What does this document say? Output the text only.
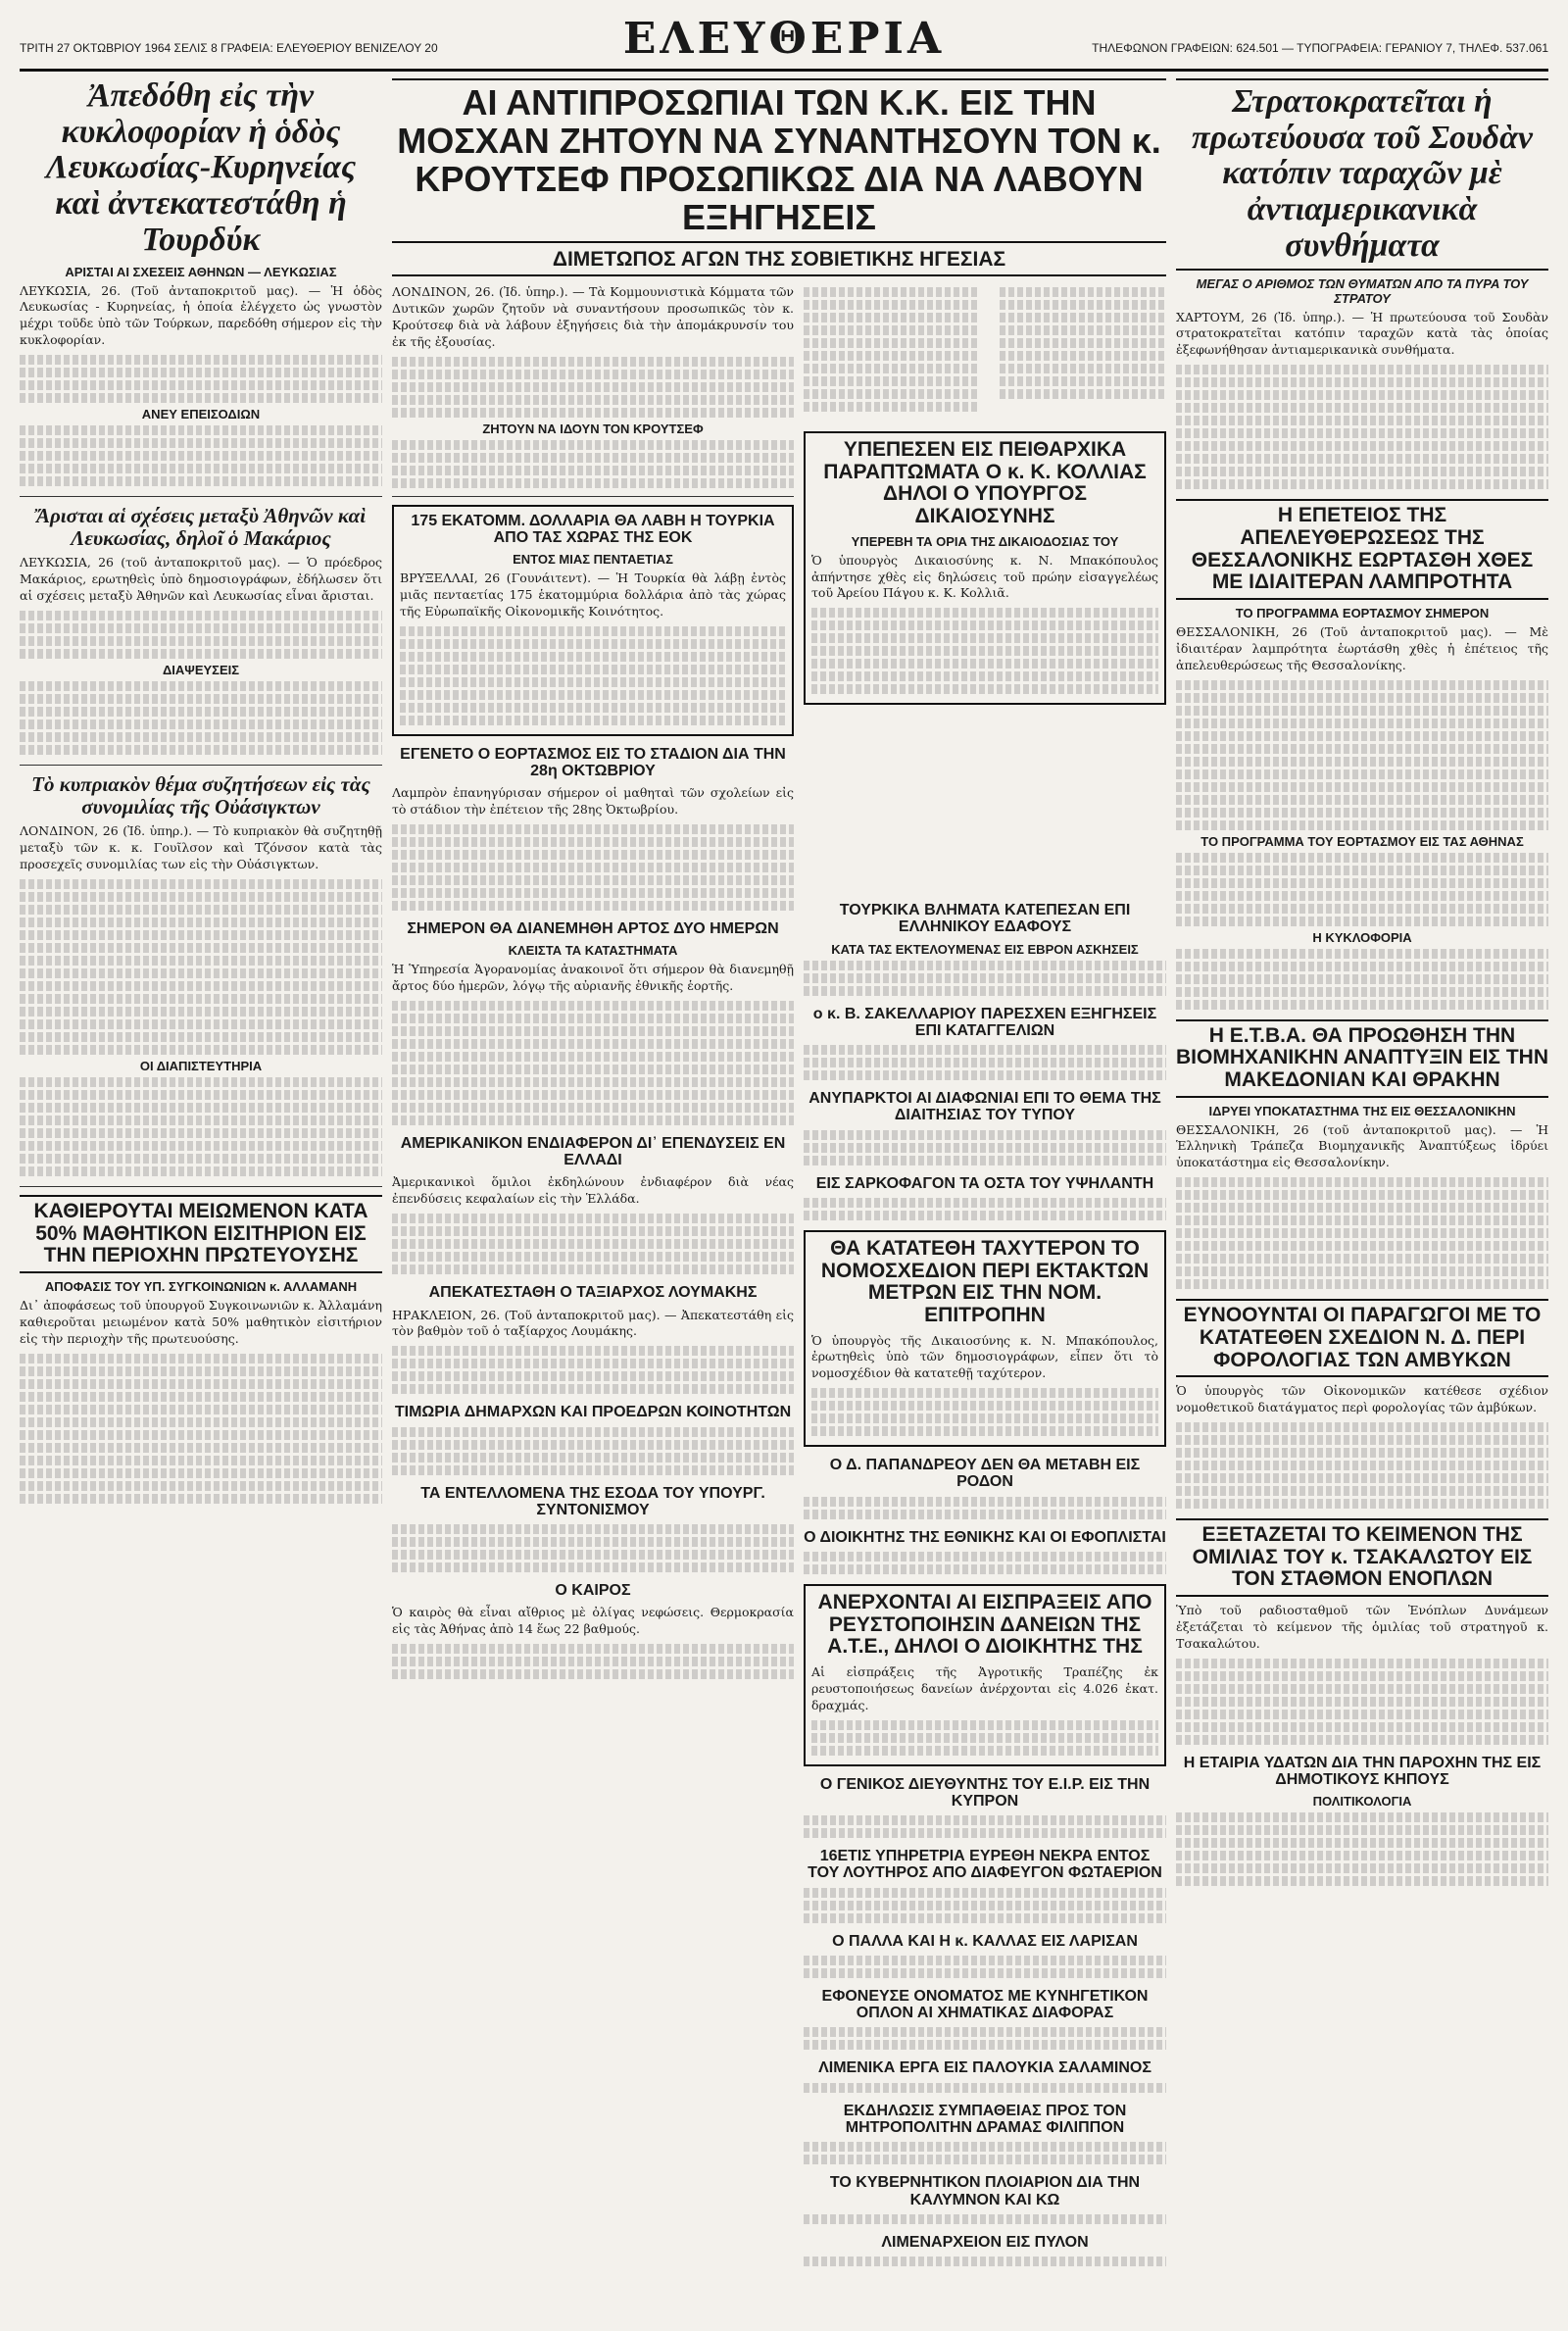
ΤΡΙΤΗ 27 ΟΚΤΩΒΡΙΟΥ 1964 ΣΕΛΙΣ 8 ΓΡΑΦΕΙΑ: ΕΛΕΥΘΕΡΙΟΥ ΒΕΝΙΖΕΛΟΥ 20	ΕΛΕΥΘΕΡΙΑ	ΤΗΛΕΦΩΝΟΝ ΓΡΑΦΕΙΩΝ: 624.501 — ΤΥΠΟΓΡΑΦΕΙΑ: ΓΕΡΑΝΙΟΥ 7, ΤΗΛΕΦ. 537.061
Ἀπεδόθη εἰς τὴν κυκλοφορίαν ἡ ὁδὸς Λευκωσίας-Κυρηνείας καὶ ἀντεκατεστάθη ἡ Τουρδύκ
ΑΡΙΣΤΑΙ ΑΙ ΣΧΕΣΕΙΣ ΑΘΗΝΩΝ — ΛΕΥΚΩΣΙΑΣ

ΛΕΥΚΩΣΙΑ, 26. (Τοῦ ἀνταποκριτοῦ μας). — Ἡ ὁδὸς Λευκωσίας - Κυρηνείας, ἡ ὁποία ἐλέγχετο ὡς γνωστὸν μέχρι τοῦδε ὑπὸ τῶν Τούρκων, παρεδόθη σήμερον εἰς τὴν κυκλοφορίαν.

ΑΝΕΥ ΕΠΕΙΣΟΔΙΩΝ
Ἄρισται αἱ σχέσεις μεταξὺ Ἀθηνῶν καὶ Λευκωσίας, δηλοῖ ὁ Μακάριος

ΛΕΥΚΩΣΙΑ, 26 (τοῦ ἀνταποκριτοῦ μας). — Ὁ πρόεδρος Μακάριος, ερωτηθεὶς ὑπὸ δημοσιογράφων, ἐδήλωσεν ὅτι αἱ σχέσεις μεταξὺ Ἀθηνῶν καὶ Λευκωσίας εἶναι ἄρισται.

ΔΙΑΨΕΥΣΕΙΣ
Τὸ κυπριακὸν θέμα συζητήσεων εἰς τὰς συνομιλίας τῆς Οὐάσιγκτων

ΛΟΝΔΙΝΟΝ, 26 (Ἰδ. ὑπηρ.). — Τὸ κυπριακὸν θὰ συζητηθῇ μεταξὺ τῶν κ. κ. Γουῖλσον καὶ Τζόνσον κατὰ τὰς προσεχεῖς συνομιλίας των εἰς τὴν Οὐάσιγκτων.

ΟΙ ΔΙΑΠΙΣΤΕΥΤΗΡΙΑ
ΚΑΘΙΕΡΟΥΤΑΙ ΜΕΙΩΜΕΝΟΝ ΚΑΤΑ 50% ΜΑΘΗΤΙΚΟΝ ΕΙΣΙΤΗΡΙΟΝ ΕΙΣ ΤΗΝ ΠΕΡΙΟΧΗΝ ΠΡΩΤΕΥΟΥΣΗΣ
ΑΠΟΦΑΣΙΣ ΤΟΥ ΥΠ. ΣΥΓΚΟΙΝΩΝΙΩΝ κ. ΑΛΛΑΜΑΝΗ

Δι᾽ ἀποφάσεως τοῦ ὑπουργοῦ Συγκοινωνιῶν κ. Ἀλλαμάνη καθιεροῦται μειωμένον κατὰ 50% μαθητικὸν εἰσιτήριον εἰς τὴν περιοχὴν τῆς πρωτευούσης.

ΑΙ ΑΝΤΙΠΡΟΣΩΠΙΑΙ ΤΩΝ Κ.Κ. ΕΙΣ ΤΗΝ ΜΟΣΧΑΝ ΖΗΤΟΥΝ ΝΑ ΣΥΝΑΝΤΗΣΟΥΝ ΤΟΝ κ. ΚΡΟΥΤΣΕΦ ΠΡΟΣΩΠΙΚΩΣ ΔΙΑ ΝΑ ΛΑΒΟΥΝ ΕΞΗΓΗΣΕΙΣ
ΔΙΜΕΤΩΠΟΣ ΑΓΩΝ ΤΗΣ ΣΟΒΙΕΤΙΚΗΣ ΗΓΕΣΙΑΣ

ΛΟΝΔΙΝΟΝ, 26. (Ἰδ. ὑπηρ.). — Τὰ Κομμουνιστικὰ Κόμματα τῶν Δυτικῶν χωρῶν ζητοῦν νὰ συναντήσουν προσωπικῶς τὸν κ. Κρούτσεφ διὰ νὰ λάβουν ἐξηγήσεις διὰ τὴν ἀπομάκρυνσίν του ἐκ τῆς ἐξουσίας.

ΖΗΤΟΥΝ ΝΑ ΙΔΟΥΝ ΤΟΝ ΚΡΟΥΤΣΕΦ
175 ΕΚΑΤΟΜΜ. ΔΟΛΛΑΡΙΑ ΘΑ ΛΑΒΗ Η ΤΟΥΡΚΙΑ ΑΠΟ ΤΑΣ ΧΩΡΑΣ ΤΗΣ ΕΟΚ
ΕΝΤΟΣ ΜΙΑΣ ΠΕΝΤΑΕΤΙΑΣ

ΒΡΥΞΕΛΛΑΙ, 26 (Γουνάιτεντ). — Ἡ Τουρκία θὰ λάβῃ ἐντὸς μιᾶς πενταετίας 175 ἑκατομμύρια δολλάρια ἀπὸ τὰς χώρας τῆς Εὐρωπαϊκῆς Οἰκονομικῆς Κοινότητος.

ΕΓΕΝΕΤΟ Ο ΕΟΡΤΑΣΜΟΣ ΕΙΣ ΤΟ ΣΤΑΔΙΟΝ ΔΙΑ ΤΗΝ 28η ΟΚΤΩΒΡΙΟΥ

Λαμπρὸν ἐπανηγύρισαν σήμερον οἱ μαθηταὶ τῶν σχολείων εἰς τὸ στάδιον τὴν ἐπέτειον τῆς 28ης Ὀκτωβρίου.

ΣΗΜΕΡΟΝ ΘΑ ΔΙΑΝΕΜΗΘΗ ΑΡΤΟΣ ΔΥΟ ΗΜΕΡΩΝ
ΚΛΕΙΣΤΑ ΤΑ ΚΑΤΑΣΤΗΜΑΤΑ

Ἡ Ὑπηρεσία Ἀγορανομίας ἀνακοινοῖ ὅτι σήμερον θὰ διανεμηθῇ ἄρτος δύο ἡμερῶν, λόγῳ τῆς αὐριανῆς ἐθνικῆς ἑορτῆς.

ΑΜΕΡΙΚΑΝΙΚΟΝ ΕΝΔΙΑΦΕΡΟΝ ΔΙ᾽ ΕΠΕΝΔΥΣΕΙΣ ΕΝ ΕΛΛΑΔΙ

Ἀμερικανικοὶ ὅμιλοι ἐκδηλώνουν ἐνδιαφέρον διὰ νέας ἐπενδύσεις κεφαλαίων εἰς τὴν Ἑλλάδα.

ΑΠΕΚΑΤΕΣΤΑΘΗ Ο ΤΑΞΙΑΡΧΟΣ ΛΟΥΜΑΚΗΣ

ΗΡΑΚΛΕΙΟΝ, 26. (Τοῦ ἀνταποκριτοῦ μας). — Ἀπεκατεστάθη εἰς τὸν βαθμὸν τοῦ ὁ ταξίαρχος Λουμάκης.

ΤΙΜΩΡΙΑ ΔΗΜΑΡΧΩΝ ΚΑΙ ΠΡΟΕΔΡΩΝ ΚΟΙΝΟΤΗΤΩΝ
ΤΑ ΕΝΤΕΛΛΟΜΕΝΑ ΤΗΣ ΕΣΟΔΑ ΤΟΥ ΥΠΟΥΡΓ. ΣΥΝΤΟΝΙΣΜΟΥ
Ο ΚΑΙΡΟΣ

Ὁ καιρὸς θὰ εἶναι αἴθριος μὲ ὀλίγας νεφώσεις. Θερμοκρασία εἰς τὰς Ἀθήνας ἀπὸ 14 ἕως 22 βαθμούς.

ΥΠΕΠΕΣΕΝ ΕΙΣ ΠΕΙΘΑΡΧΙΚΑ ΠΑΡΑΠΤΩΜΑΤΑ Ο κ. Κ. ΚΟΛΛΙΑΣ ΔΗΛΟΙ Ο ΥΠΟΥΡΓΟΣ ΔΙΚΑΙΟΣΥΝΗΣ
ΥΠΕΡΕΒΗ ΤΑ ΟΡΙΑ ΤΗΣ ΔΙΚΑΙΟΔΟΣΙΑΣ ΤΟΥ

Ὁ ὑπουργὸς Δικαιοσύνης κ. Ν. Μπακόπουλος ἀπήντησε χθὲς εἰς δηλώσεις τοῦ πρώην εἰσαγγελέως τοῦ Ἀρείου Πάγου κ. Κ. Κολλιᾶ.

ΤΟΥΡΚΙΚΑ ΒΛΗΜΑΤΑ ΚΑΤΕΠΕΣΑΝ ΕΠΙ ΕΛΛΗΝΙΚΟΥ ΕΔΑΦΟΥΣ
ΚΑΤΑ ΤΑΣ ΕΚΤΕΛΟΥΜΕΝΑΣ ΕΙΣ ΕΒΡΟΝ ΑΣΚΗΣΕΙΣ
ο κ. Β. ΣΑΚΕΛΛΑΡΙΟΥ ΠΑΡΕΣΧΕΝ ΕΞΗΓΗΣΕΙΣ ΕΠΙ ΚΑΤΑΓΓΕΛΙΩΝ
ΑΝΥΠΑΡΚΤΟΙ ΑΙ ΔΙΑΦΩΝΙΑΙ ΕΠΙ ΤΟ ΘΕΜΑ ΤΗΣ ΔΙΑΙΤΗΣΙΑΣ ΤΟΥ ΤΥΠΟΥ
ΕΙΣ ΣΑΡΚΟΦΑΓΟΝ ΤΑ ΟΣΤΑ ΤΟΥ ΥΨΗΛΑΝΤΗ
ΘΑ ΚΑΤΑΤΕΘΗ ΤΑΧΥΤΕΡΟΝ ΤΟ ΝΟΜΟΣΧΕΔΙΟΝ ΠΕΡΙ ΕΚΤΑΚΤΩΝ ΜΕΤΡΩΝ ΕΙΣ ΤΗΝ ΝΟΜ. ΕΠΙΤΡΟΠΗΝ

Ὁ ὑπουργὸς τῆς Δικαιοσύνης κ. Ν. Μπακόπουλος, ἐρωτηθεὶς ὑπὸ τῶν δημοσιογράφων, εἶπεν ὅτι τὸ νομοσχέδιον θὰ κατατεθῇ ταχύτερον.

Ο Δ. ΠΑΠΑΝΔΡΕΟΥ ΔΕΝ ΘΑ ΜΕΤΑΒΗ ΕΙΣ ΡΟΔΟΝ
Ο ΔΙΟΙΚΗΤΗΣ ΤΗΣ ΕΘΝΙΚΗΣ ΚΑΙ ΟΙ ΕΦΟΠΛΙΣΤΑΙ
ΑΝΕΡΧΟΝΤΑΙ ΑΙ ΕΙΣΠΡΑΞΕΙΣ ΑΠΟ ΡΕΥΣΤΟΠΟΙΗΣΙΝ ΔΑΝΕΙΩΝ ΤΗΣ Α.Τ.Ε., ΔΗΛΟΙ Ο ΔΙΟΙΚΗΤΗΣ ΤΗΣ

Αἱ εἰσπράξεις τῆς Ἀγροτικῆς Τραπέζης ἐκ ρευστοποιήσεως δανείων ἀνέρχονται εἰς 4.026 ἑκατ. δραχμάς.

Ο ΓΕΝΙΚΟΣ ΔΙΕΥΘΥΝΤΗΣ ΤΟΥ Ε.Ι.Ρ. ΕΙΣ ΤΗΝ ΚΥΠΡΟΝ
16ΕΤΙΣ ΥΠΗΡΕΤΡΙΑ ΕΥΡΕΘΗ ΝΕΚΡΑ ΕΝΤΟΣ ΤΟΥ ΛΟΥΤΗΡΟΣ ΑΠΟ ΔΙΑΦΕΥΓΟΝ ΦΩΤΑΕΡΙΟΝ
Ο ΠΑΛΛΑ ΚΑΙ Η κ. ΚΑΛΛΑΣ ΕΙΣ ΛΑΡΙΣΑΝ
ΕΦΟΝΕΥΣΕ ΟΝΟΜΑΤΟΣ ΜΕ ΚΥΝΗΓΕΤΙΚΟΝ ΟΠΛΟΝ ΑΙ ΧΗΜΑΤΙΚΑΣ ΔΙΑΦΟΡΑΣ
ΛΙΜΕΝΙΚΑ ΕΡΓΑ ΕΙΣ ΠΑΛΟΥΚΙΑ ΣΑΛΑΜΙΝΟΣ
ΕΚΔΗΛΩΣΙΣ ΣΥΜΠΑΘΕΙΑΣ ΠΡΟΣ ΤΟΝ ΜΗΤΡΟΠΟΛΙΤΗΝ ΔΡΑΜΑΣ ΦΙΛΙΠΠΟΝ
ΤΟ ΚΥΒΕΡΝΗΤΙΚΟΝ ΠΛΟΙΑΡΙΟΝ ΔΙΑ ΤΗΝ ΚΑΛΥΜΝΟΝ ΚΑΙ ΚΩ
ΛΙΜΕΝΑΡΧΕΙΟΝ ΕΙΣ ΠΥΛΟΝ
Στρατοκρατεῖται ἡ πρωτεύουσα τοῦ Σουδὰν κατόπιν ταραχῶν μὲ ἀντιαμερικανικὰ συνθήματα
ΜΕΓΑΣ Ο ΑΡΙΘΜΟΣ ΤΩΝ ΘΥΜΑΤΩΝ ΑΠΟ ΤΑ ΠΥΡΑ ΤΟΥ ΣΤΡΑΤΟΥ

ΧΑΡΤΟΥΜ, 26 (Ἰδ. ὑπηρ.). — Ἡ πρωτεύουσα τοῦ Σουδὰν στρατοκρατεῖται κατόπιν ταραχῶν κατὰ τὰς ὁποίας ἐξεφωνήθησαν ἀντιαμερικανικὰ συνθήματα.

Η ΕΠΕΤΕΙΟΣ ΤΗΣ ΑΠΕΛΕΥΘΕΡΩΣΕΩΣ ΤΗΣ ΘΕΣΣΑΛΟΝΙΚΗΣ ΕΩΡΤΑΣΘΗ ΧΘΕΣ ΜΕ ΙΔΙΑΙΤΕΡΑΝ ΛΑΜΠΡΟΤΗΤΑ
ΤΟ ΠΡΟΓΡΑΜΜΑ ΕΟΡΤΑΣΜΟΥ ΣΗΜΕΡΟΝ

ΘΕΣΣΑΛΟΝΙΚΗ, 26 (Τοῦ ἀνταποκριτοῦ μας). — Μὲ ἰδιαιτέραν λαμπρότητα ἑωρτάσθη χθὲς ἡ ἐπέτειος τῆς ἀπελευθερώσεως τῆς Θεσσαλονίκης.

ΤΟ ΠΡΟΓΡΑΜΜΑ ΤΟΥ ΕΟΡΤΑΣΜΟΥ ΕΙΣ ΤΑΣ ΑΘΗΝΑΣ
Η ΚΥΚΛΟΦΟΡΙΑ
Η Ε.Τ.Β.Α. ΘΑ ΠΡΟΩΘΗΣΗ ΤΗΝ ΒΙΟΜΗΧΑΝΙΚΗΝ ΑΝΑΠΤΥΞΙΝ ΕΙΣ ΤΗΝ ΜΑΚΕΔΟΝΙΑΝ ΚΑΙ ΘΡΑΚΗΝ
ΙΔΡΥΕΙ ΥΠΟΚΑΤΑΣΤΗΜΑ ΤΗΣ ΕΙΣ ΘΕΣΣΑΛΟΝΙΚΗΝ

ΘΕΣΣΑΛΟΝΙΚΗ, 26 (τοῦ ἀνταποκριτοῦ μας). — Ἡ Ἑλληνικὴ Τράπεζα Βιομηχανικῆς Ἀναπτύξεως ἱδρύει ὑποκατάστημα εἰς Θεσσαλονίκην.

ΕΥΝΟΟΥΝΤΑΙ ΟΙ ΠΑΡΑΓΩΓΟΙ ΜΕ ΤΟ ΚΑΤΑΤΕΘΕΝ ΣΧΕΔΙΟΝ Ν. Δ. ΠΕΡΙ ΦΟΡΟΛΟΓΙΑΣ ΤΩΝ ΑΜΒΥΚΩΝ

Ὁ ὑπουργὸς τῶν Οἰκονομικῶν κατέθεσε σχέδιον νομοθετικοῦ διατάγματος περὶ φορολογίας τῶν ἀμβύκων.

ΕΞΕΤΑΖΕΤΑΙ ΤΟ ΚΕΙΜΕΝΟΝ ΤΗΣ ΟΜΙΛΙΑΣ ΤΟΥ κ. ΤΣΑΚΑΛΩΤΟΥ ΕΙΣ ΤΟΝ ΣΤΑΘΜΟΝ ΕΝΟΠΛΩΝ

Ὑπὸ τοῦ ραδιοσταθμοῦ τῶν Ἐνόπλων Δυνάμεων ἐξετάζεται τὸ κείμενον τῆς ὁμιλίας τοῦ στρατηγοῦ κ. Τσακαλώτου.

Η ΕΤΑΙΡΙΑ ΥΔΑΤΩΝ ΔΙΑ ΤΗΝ ΠΑΡΟΧΗΝ ΤΗΣ ΕΙΣ ΔΗΜΟΤΙΚΟΥΣ ΚΗΠΟΥΣ
ΠΟΛΙΤΙΚΟΛΟΓΙΑ
